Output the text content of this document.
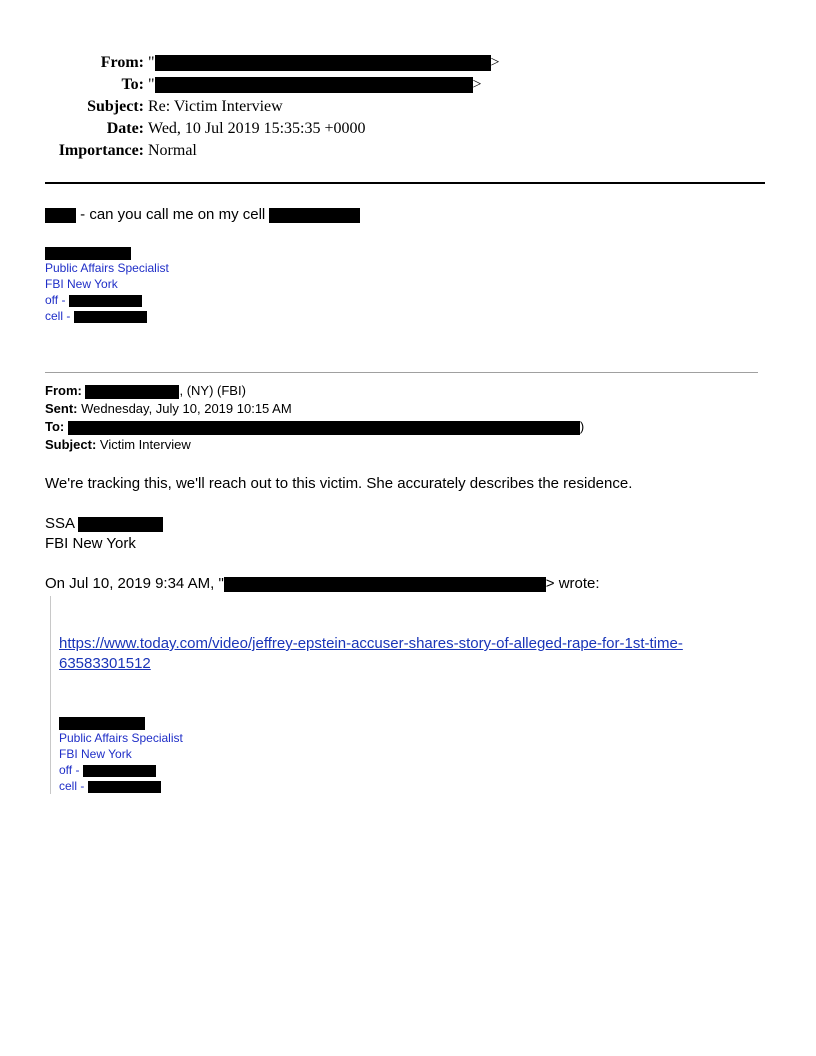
From: "	>
To: "	>
Subject: Re: Victim Interview
Date: Wed, 10 Jul 2019 15:35:35 +0000
Importance: Normal
- can you call me on my cell
Public Affairs Specialist
FBI New York
off -
cell -
From:	, (NY) (FBI)
Sent: Wednesday, July 10, 2019 10:15 AM
To:	)
Subject: Victim Interview
We're tracking this, we'll reach out to this victim. She accurately describes the residence.
SSA
FBI New York
On Jul 10, 2019 9:34 AM, "	> wrote:
https://www.today.com/video/jeffrey-epstein-accuser-shares-story-of-alleged-rape-for-1st-time-
63583301512
Public Affairs Specialist
FBI New York
off -
cell -
